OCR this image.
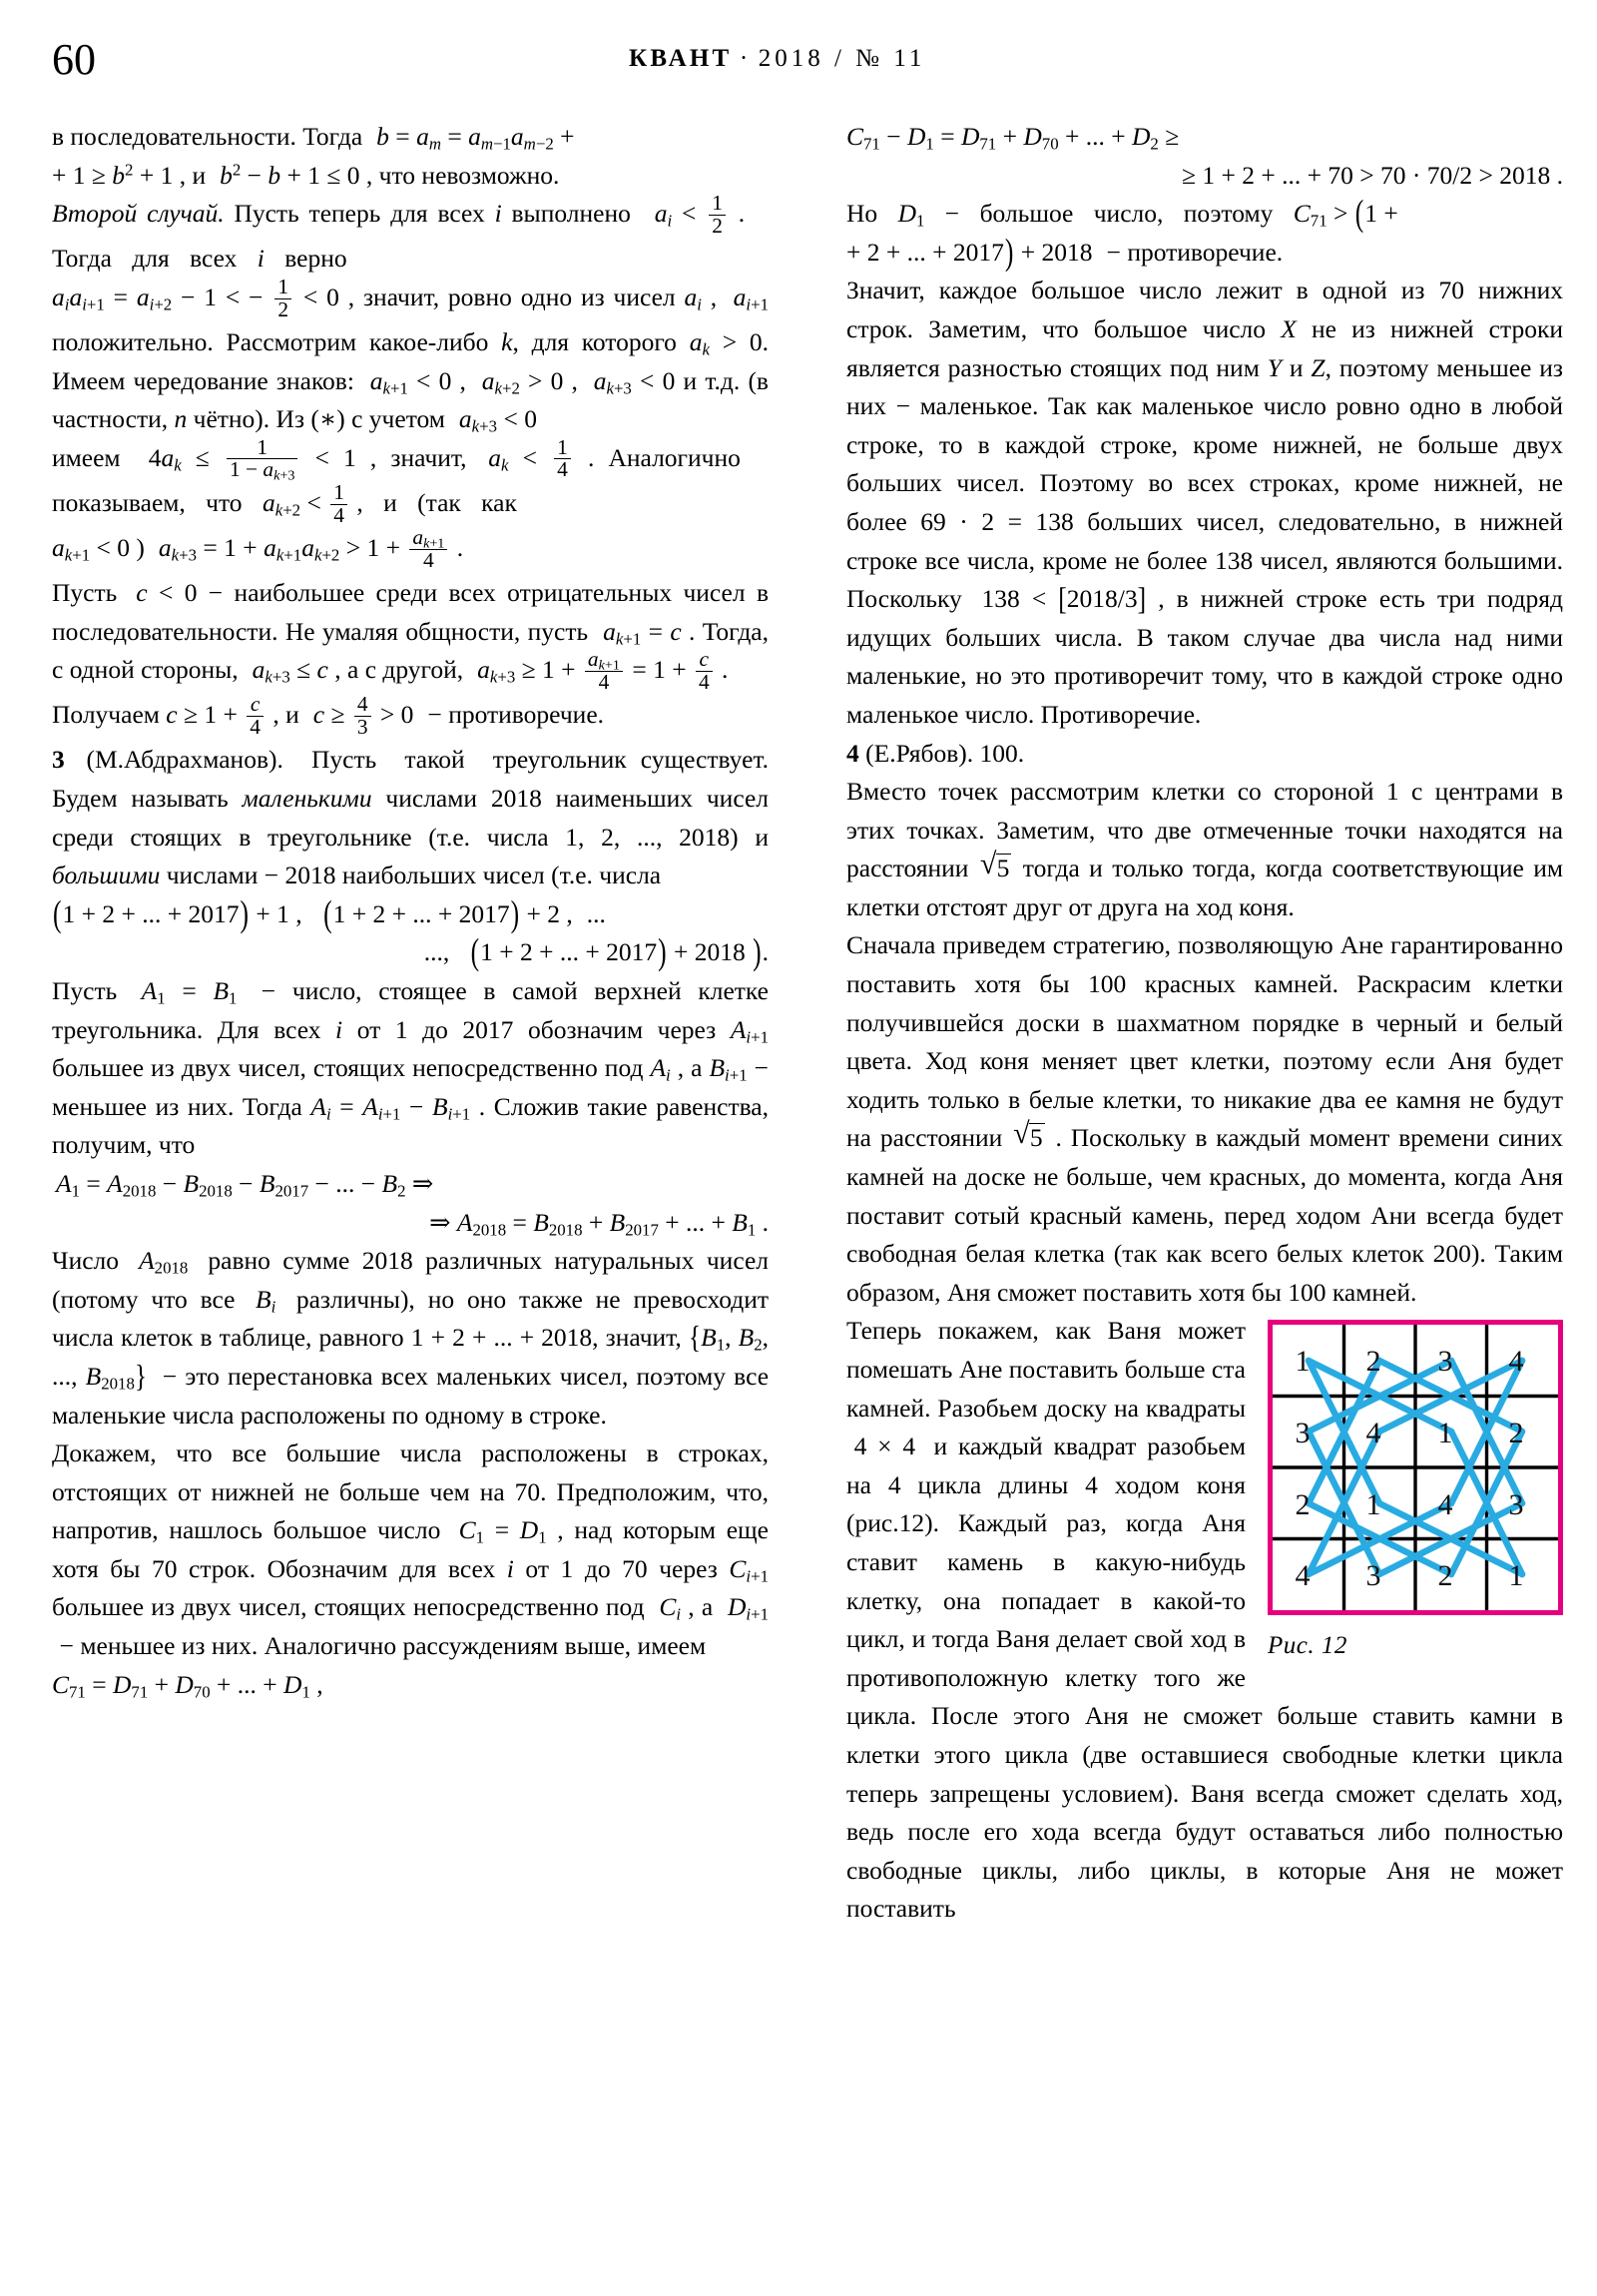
60	КВАНТ · 2018 / № 11

в последовательности. Тогда $b = a_m = a_{m-1}a_{m-2}$ +
+ $1 \ge b^2 + 1$ , и $b^2 - b + 1 \le 0$ , что невозможно.

Второй случай. Пусть теперь для всех i выполнено $a_i < \frac{1}{2}$ . Тогда для всех i верно

$a_ia_{i+1} = a_{i+2} - 1$ < − $\frac{1}{2} < 0$ , значит, ровно одно из чисел $a_i$ , $a_{i+1}$ положительно. Рассмотрим какое-либо k, для которого $a_k > 0$. Имеем чередование знаков: $a_{k+1} < 0$ , $a_{k+2} > 0$ , $a_{k+3} < 0$ и т.д. (в частности, n чётно). Из (∗) с учетом $a_{k+3} < 0$

имеем $4a_k \le \frac{1}{1 - a_{k+3}} < 1$ , значит, $a_k < \frac{1}{4}$ . Аналогично показываем, что $a_{k+2} < \frac{1}{4}$ , и (так как
$a_{k+1} < 0$ ) $a_{k+3} = 1 + a_{k+1}a_{k+2} > 1 + \frac{a_{k+1}}{4}$ .

Пусть c < 0 − наибольшее среди всех отрицательных чисел в последовательности. Не умаляя общности, пусть $a_{k+1} = c$ . Тогда, с одной стороны, $a_{k+3} \le c$ , а с другой, $a_{k+3} \ge 1 + \frac{a_{k+1}}{4} = 1 + \frac{c}{4}$ .

Получаем $c \ge 1 + \frac{c}{4}$ , и $c \ge \frac{4}{3} > 0$ − противоречие.

3 (М.Абдрахманов). Пусть такой треугольник существует. Будем называть маленькими числами 2018 наименьших чисел среди стоящих в треугольнике (т.е. числа 1, 2, ..., 2018) и большими числами − 2018 наибольших чисел (т.е. числа

(1 + 2 + ... + 2017) + 1 , (1 + 2 + ... + 2017) + 2 , ...

..., (1 + 2 + ... + 2017) + 2018 ).

Пусть $A_1 = B_1$ − число, стоящее в самой верхней клетке треугольника. Для всех i от 1 до 2017 обозначим через $A_{i+1}$ большее из двух чисел, стоящих непосредственно под $A_i$ , а $B_{i+1}$ − меньшее из них. Тогда $A_i = A_{i+1} - B_{i+1}$ . Сложив такие равенства, получим, что

$A_1 = A_{2018} - B_{2018} - B_{2017}$ − ... − $B_2$ ⇒

⇒ $A_{2018} = B_{2018} + B_{2017}$ + ... + $B_1$ .

Число $A_{2018}$ равно сумме 2018 различных натуральных чисел (потому что все $B_i$ различны), но оно также не превосходит числа клеток в таблице, равного 1 + 2 + ... + 2018, значит, {$B_1$, $B_2$, ..., $B_{2018}$} − это перестановка всех маленьких чисел, поэтому все маленькие числа расположены по одному в строке.

Докажем, что все большие числа расположены в строках, отстоящих от нижней не больше чем на 70. Предположим, что, напротив, нашлось большое число $C_1 = D_1$ , над которым еще хотя бы 70 строк. Обозначим для всех i от 1 до 70 через $C_{i+1}$ большее из двух чисел, стоящих непосредственно под $C_i$ , а $D_{i+1}$ − меньшее из них. Аналогично рассуждениям выше, имеем

$C_{71} = D_{71} + D_{70}$ + ... + $D_1$ ,

$C_{71} - D_1 = D_{71} + D_{70}$ + ... + $D_2$ ≥

≥ 1 + 2 + ... + 70 > 70 · 70/2 > 2018 .

Но $D_1$ − большое число, поэтому $C_{71} > (1$ +
+ 2 + ... + 2017) + 2018 − противоречие.

Значит, каждое большое число лежит в одной из 70 нижних строк. Заметим, что большое число X не из нижней строки является разностью стоящих под ним Y и Z, поэтому меньшее из них − маленькое. Так как маленькое число ровно одно в любой строке, то в каждой строке, кроме нижней, не больше двух больших чисел. Поэтому во всех строках, кроме нижней, не более 69 · 2 = 138 больших чисел, следовательно, в нижней строке все числа, кроме не более 138 чисел, являются большими. Поскольку 138 < [2018/3] , в нижней строке есть три подряд идущих больших числа. В таком случае два числа над ними маленькие, но это противоречит тому, что в каждой строке одно маленькое число. Противоречие.

4 (Е.Рябов). 100.

Вместо точек рассмотрим клетки со стороной 1 с центрами в этих точках. Заметим, что две отмеченные точки находятся на расстоянии √ 5 тогда и только тогда, когда соответствующие им клетки отстоят друг от друга на ход коня.

Сначала приведем стратегию, позволяющую Ане гарантированно поставить хотя бы 100 красных камней. Раскрасим клетки получившейся доски в шахматном порядке в черный и белый цвета. Ход коня меняет цвет клетки, поэтому если Аня будет ходить только в белые клетки, то никакие два ее камня не будут на расстоянии √ 5 . Поскольку в каждый момент времени синих камней на доске не больше, чем красных, до момента, когда Аня поставит сотый красный камень, перед ходом Ани всегда будет свободная белая клетка (так как всего белых клеток 200). Таким образом, Аня сможет поставить хотя бы 100 камней.

1 2 3 4
3 4 1 2
2 1 4 3
4 3 2 1
Рис. 12

Теперь покажем, как Ваня может помешать Ане поставить больше ста камней. Разобьем доску на квадраты 4 × 4 и каждый квадрат разобьем на 4 цикла длины 4 ходом коня (рис.12). Каждый раз, когда Аня ставит камень в какую-нибудь клетку, она попадает в какой-то цикл, и тогда Ваня делает свой ход в противоположную клетку того же цикла. После этого Аня не сможет больше ставить камни в клетки этого цикла (две оставшиеся свободные клетки цикла теперь запрещены условием). Ваня всегда сможет сделать ход, ведь после его хода всегда будут оставаться либо полностью свободные циклы, либо циклы, в которые Аня не может поставить
